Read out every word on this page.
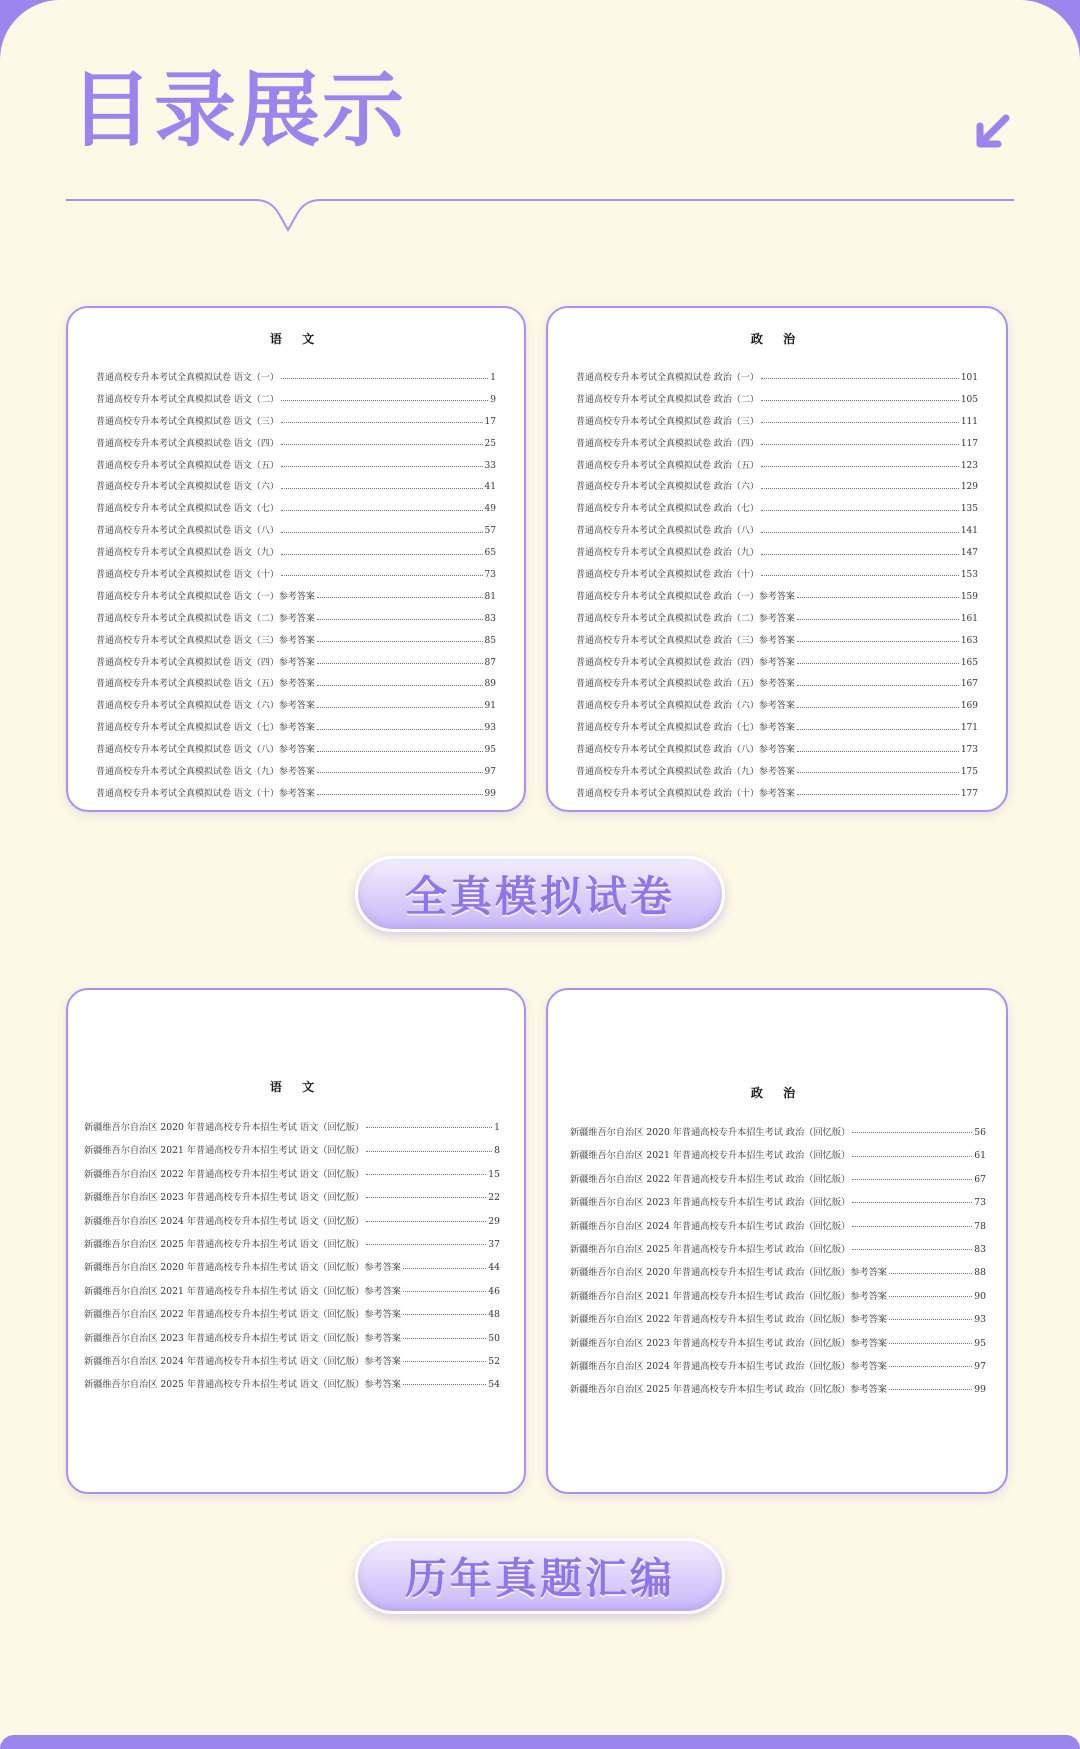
目录展示
语 文
普通高校专升本考试全真模拟试卷 语文（一）	1
普通高校专升本考试全真模拟试卷 语文（二）	9
普通高校专升本考试全真模拟试卷 语文（三）	17
普通高校专升本考试全真模拟试卷 语文（四）	25
普通高校专升本考试全真模拟试卷 语文（五）	33
普通高校专升本考试全真模拟试卷 语文（六）	41
普通高校专升本考试全真模拟试卷 语文（七）	49
普通高校专升本考试全真模拟试卷 语文（八）	57
普通高校专升本考试全真模拟试卷 语文（九）	65
普通高校专升本考试全真模拟试卷 语文（十）	73
普通高校专升本考试全真模拟试卷 语文（一）参考答案	81
普通高校专升本考试全真模拟试卷 语文（二）参考答案	83
普通高校专升本考试全真模拟试卷 语文（三）参考答案	85
普通高校专升本考试全真模拟试卷 语文（四）参考答案	87
普通高校专升本考试全真模拟试卷 语文（五）参考答案	89
普通高校专升本考试全真模拟试卷 语文（六）参考答案	91
普通高校专升本考试全真模拟试卷 语文（七）参考答案	93
普通高校专升本考试全真模拟试卷 语文（八）参考答案	95
普通高校专升本考试全真模拟试卷 语文（九）参考答案	97
普通高校专升本考试全真模拟试卷 语文（十）参考答案	99
政 治
普通高校专升本考试全真模拟试卷 政治（一）	101
普通高校专升本考试全真模拟试卷 政治（二）	105
普通高校专升本考试全真模拟试卷 政治（三）	111
普通高校专升本考试全真模拟试卷 政治（四）	117
普通高校专升本考试全真模拟试卷 政治（五）	123
普通高校专升本考试全真模拟试卷 政治（六）	129
普通高校专升本考试全真模拟试卷 政治（七）	135
普通高校专升本考试全真模拟试卷 政治（八）	141
普通高校专升本考试全真模拟试卷 政治（九）	147
普通高校专升本考试全真模拟试卷 政治（十）	153
普通高校专升本考试全真模拟试卷 政治（一）参考答案	159
普通高校专升本考试全真模拟试卷 政治（二）参考答案	161
普通高校专升本考试全真模拟试卷 政治（三）参考答案	163
普通高校专升本考试全真模拟试卷 政治（四）参考答案	165
普通高校专升本考试全真模拟试卷 政治（五）参考答案	167
普通高校专升本考试全真模拟试卷 政治（六）参考答案	169
普通高校专升本考试全真模拟试卷 政治（七）参考答案	171
普通高校专升本考试全真模拟试卷 政治（八）参考答案	173
普通高校专升本考试全真模拟试卷 政治（九）参考答案	175
普通高校专升本考试全真模拟试卷 政治（十）参考答案	177
全真模拟试卷
语 文
新疆维吾尔自治区 2020 年普通高校专升本招生考试 语文（回忆版）	1
新疆维吾尔自治区 2021 年普通高校专升本招生考试 语文（回忆版）	8
新疆维吾尔自治区 2022 年普通高校专升本招生考试 语文（回忆版）	15
新疆维吾尔自治区 2023 年普通高校专升本招生考试 语文（回忆版）	22
新疆维吾尔自治区 2024 年普通高校专升本招生考试 语文（回忆版）	29
新疆维吾尔自治区 2025 年普通高校专升本招生考试 语文（回忆版）	37
新疆维吾尔自治区 2020 年普通高校专升本招生考试 语文（回忆版）参考答案	44
新疆维吾尔自治区 2021 年普通高校专升本招生考试 语文（回忆版）参考答案	46
新疆维吾尔自治区 2022 年普通高校专升本招生考试 语文（回忆版）参考答案	48
新疆维吾尔自治区 2023 年普通高校专升本招生考试 语文（回忆版）参考答案	50
新疆维吾尔自治区 2024 年普通高校专升本招生考试 语文（回忆版）参考答案	52
新疆维吾尔自治区 2025 年普通高校专升本招生考试 语文（回忆版）参考答案	54
政 治
新疆维吾尔自治区 2020 年普通高校专升本招生考试 政治（回忆版）	56
新疆维吾尔自治区 2021 年普通高校专升本招生考试 政治（回忆版）	61
新疆维吾尔自治区 2022 年普通高校专升本招生考试 政治（回忆版）	67
新疆维吾尔自治区 2023 年普通高校专升本招生考试 政治（回忆版）	73
新疆维吾尔自治区 2024 年普通高校专升本招生考试 政治（回忆版）	78
新疆维吾尔自治区 2025 年普通高校专升本招生考试 政治（回忆版）	83
新疆维吾尔自治区 2020 年普通高校专升本招生考试 政治（回忆版）参考答案	88
新疆维吾尔自治区 2021 年普通高校专升本招生考试 政治（回忆版）参考答案	90
新疆维吾尔自治区 2022 年普通高校专升本招生考试 政治（回忆版）参考答案	93
新疆维吾尔自治区 2023 年普通高校专升本招生考试 政治（回忆版）参考答案	95
新疆维吾尔自治区 2024 年普通高校专升本招生考试 政治（回忆版）参考答案	97
新疆维吾尔自治区 2025 年普通高校专升本招生考试 政治（回忆版）参考答案	99
历年真题汇编
